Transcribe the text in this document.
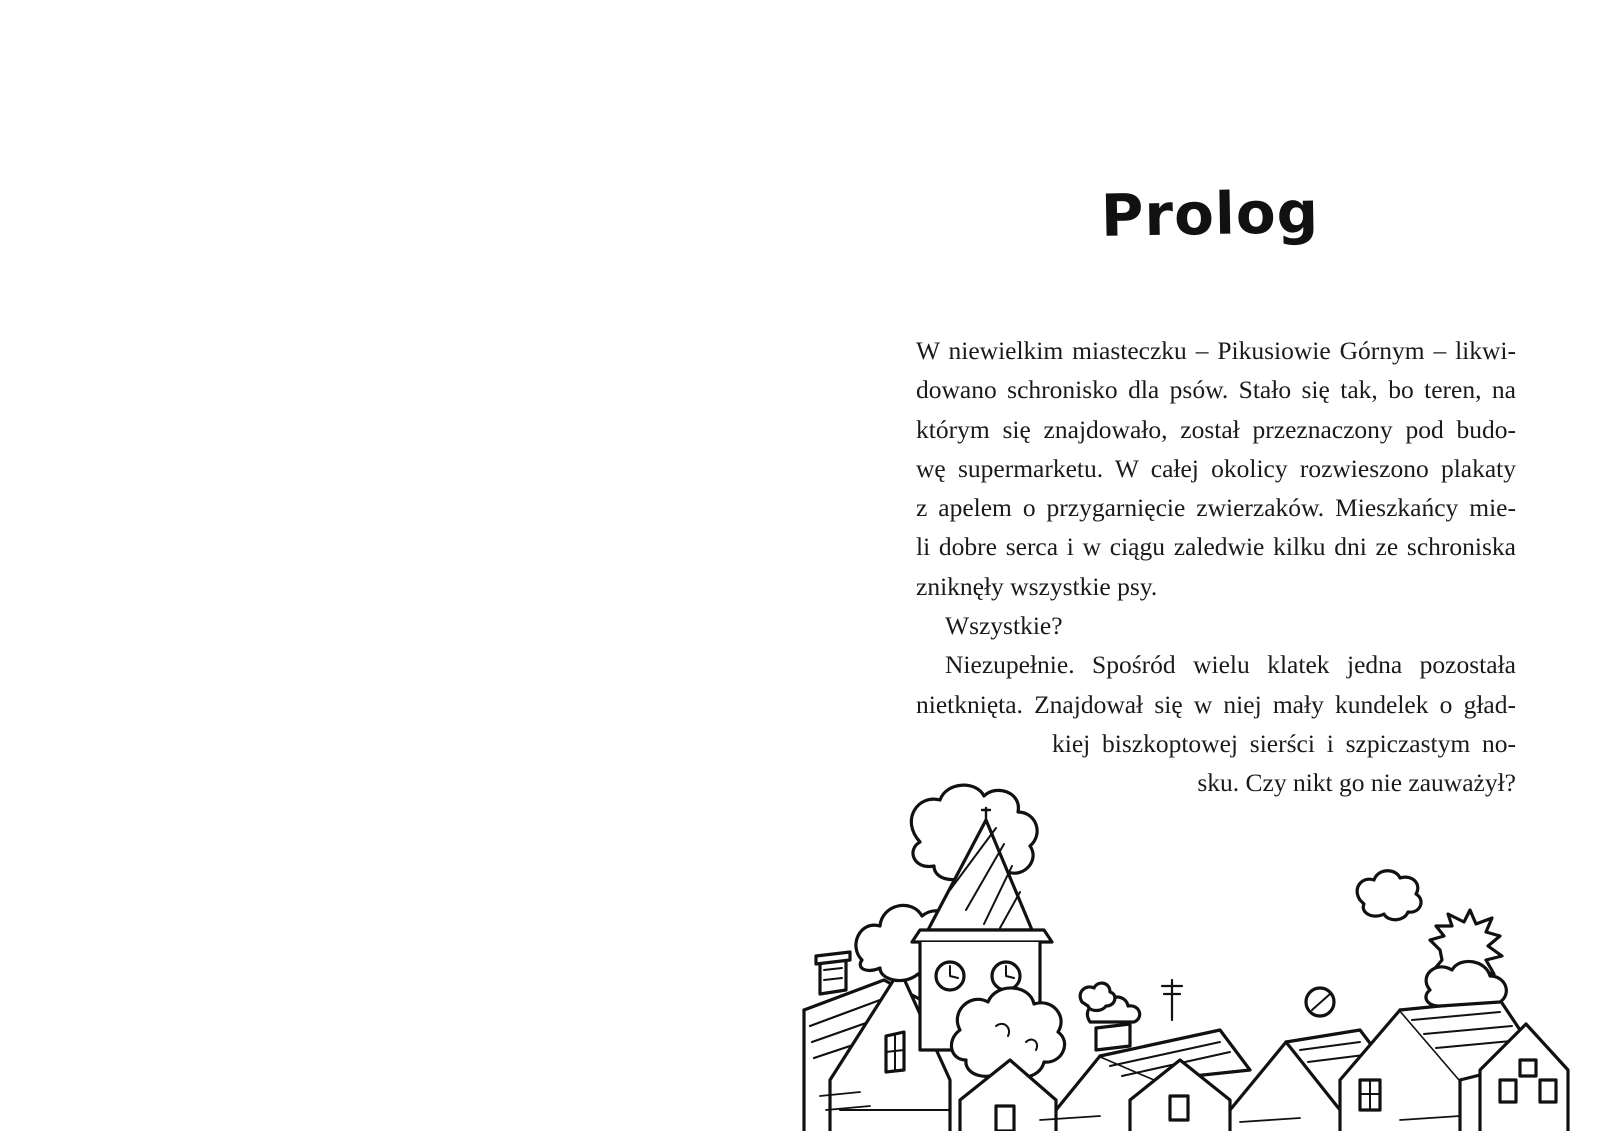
Prolog
W niewielkim miasteczku – Pikusiowie Górnym – likwi-
dowano schronisko dla psów. Stało się tak, bo teren, na
którym się znajdowało, został przeznaczony pod budo-
wę supermarketu. W całej okolicy rozwieszono plakaty
z apelem o przygarnięcie zwierzaków. Mieszkańcy mie-
li dobre serca i w ciągu zaledwie kilku dni ze schroniska
zniknęły wszystkie psy.
Wszystkie?
Niezupełnie. Spośród wielu klatek jedna pozostała
nietknięta. Znajdował się w niej mały kundelek o gład-
kiej biszkoptowej sierści i szpiczastym no-
sku. Czy nikt go nie zauważył?
